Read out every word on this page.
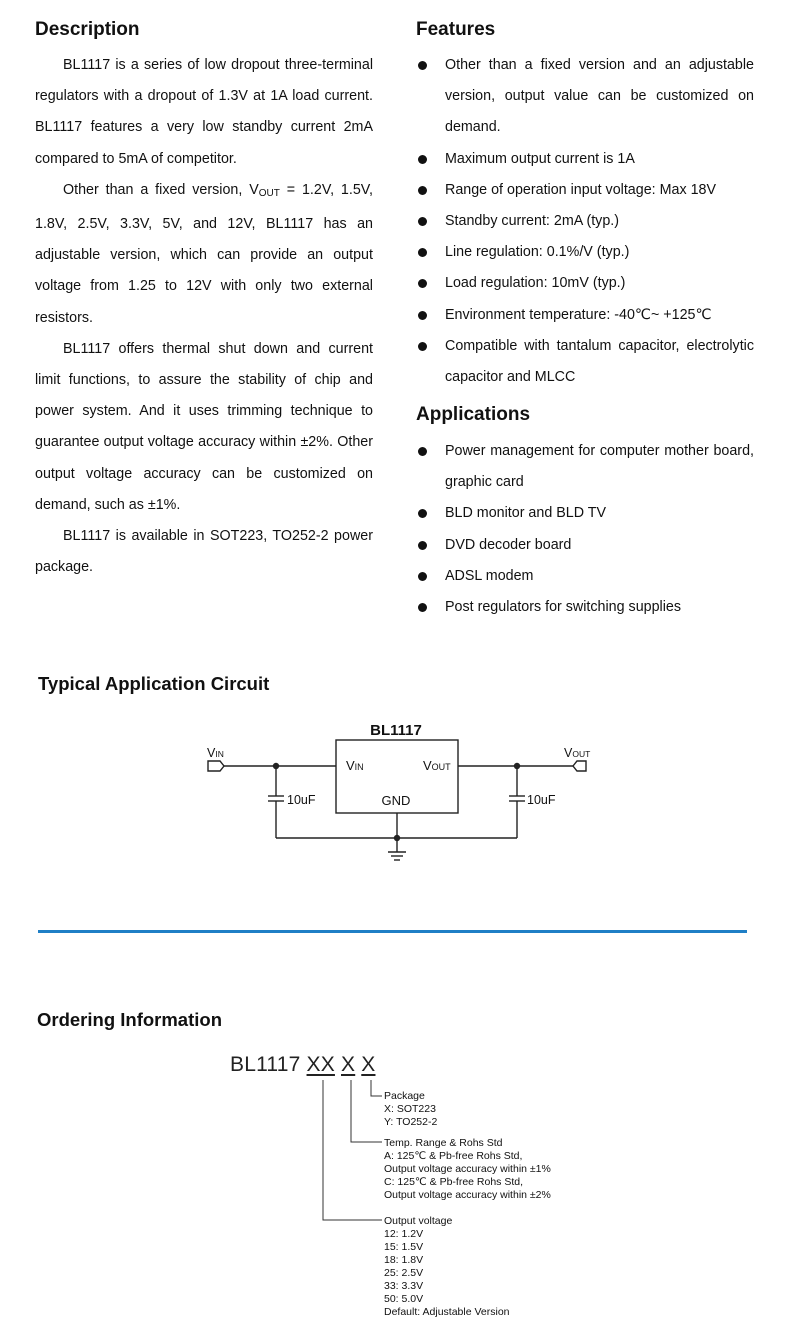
Description

BL1117 is a series of low dropout three-terminal regulators with a dropout of 1.3V at 1A load current. BL1117 features a very low standby current 2mA compared to 5mA of competitor.

Other than a fixed version, $V_{OUT} = 1.2V$, 1.5V, 1.8V, 2.5V, 3.3V, 5V, and 12V, BL1117 has an adjustable version, which can provide an output voltage from 1.25 to 12V with only two external resistors.

BL1117 offers thermal shut down and current limit functions, to assure the stability of chip and power system. And it uses trimming technique to guarantee output voltage accuracy within ±2%. Other output voltage accuracy can be customized on demand, such as ±1%.

BL1117 is available in SOT223, TO252-2 power package.

Features
Other than a fixed version and an adjustable version, output value can be customized on demand.
Maximum output current is 1A
Range of operation input voltage: Max 18V
Standby current: 2mA (typ.)
Line regulation: 0.1%/V (typ.)
Load regulation: 10mV (typ.)
Environment temperature: -40℃~ +125℃
Compatible with tantalum capacitor, electrolytic capacitor and MLCC
Applications
Power management for computer mother board, graphic card
BLD monitor and BLD TV
DVD decoder board
ADSL modem
Post regulators for switching supplies
Typical Application Circuit
BL1117
VIN	VOUT
VIN	VOUT
GND
10uF	10uF
Ordering Information
BL1117 XX X X
Package
X: SOT223
Y: TO252-2
Temp. Range & Rohs Std
A: 125℃ & Pb-free Rohs Std,
Output voltage accuracy within ±1%
C: 125℃ & Pb-free Rohs Std,
Output voltage accuracy within ±2%
Output voltage
12: 1.2V
15: 1.5V
18: 1.8V
25: 2.5V
33: 3.3V
50: 5.0V
Default: Adjustable Version
